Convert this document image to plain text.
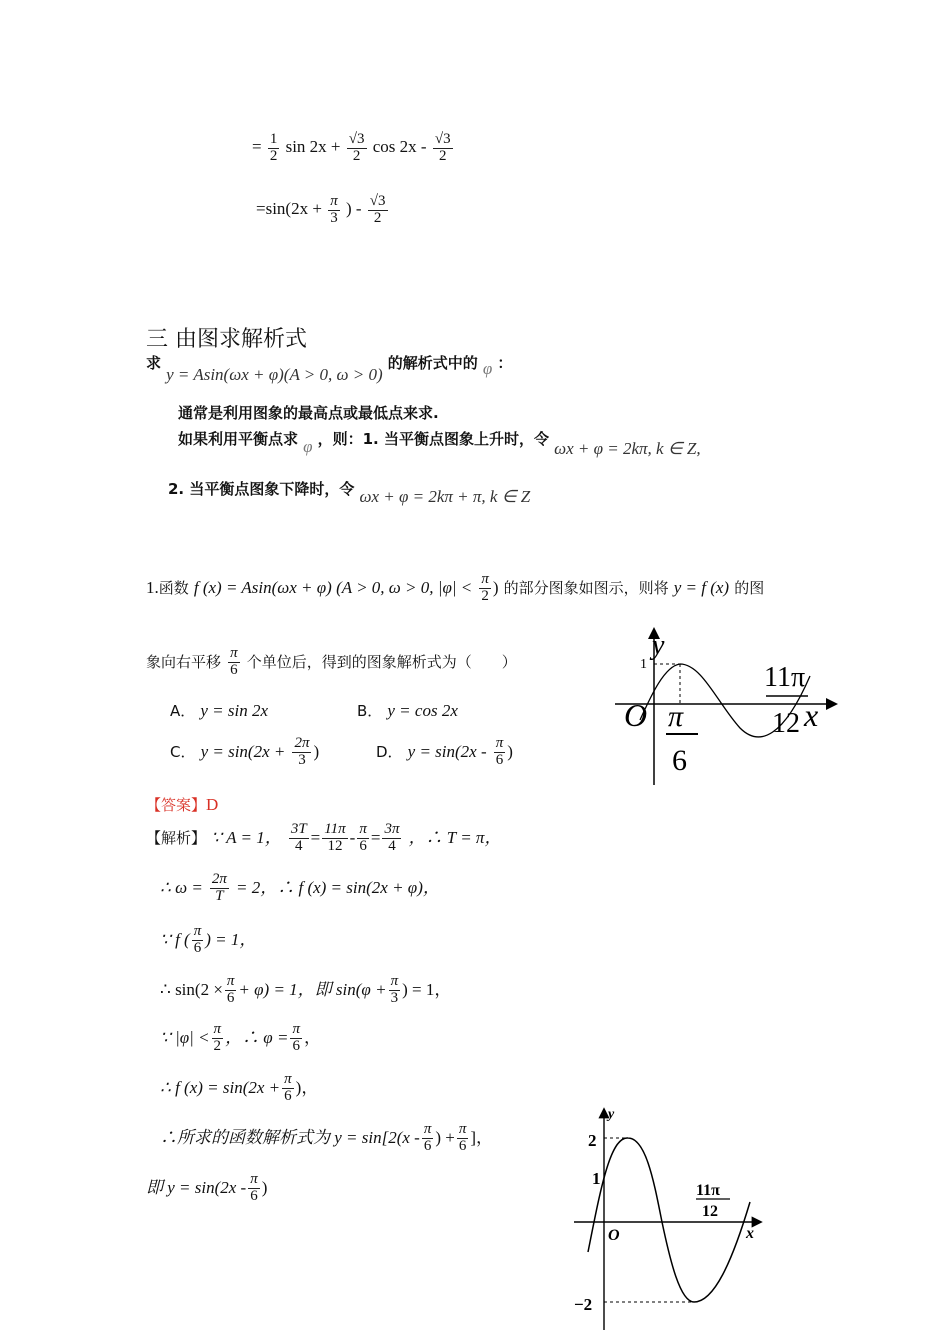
= $\frac{1}{2}$ $\sin 2x + \frac{√3}{2}$ $\cos 2x - \frac{√3}{2}$
$=\sin(2x + \frac{\pi}{3}$ ) - $\frac{√3}{2}$
三 由图求解析式
求 y = Asin(ωx + φ)(A > 0, ω > 0) 的解析式中的 φ ：
通常是利用图象的最高点或最低点来求.
如果利用平衡点求 φ ，则：1. 当平衡点图象上升时，令 ωx + φ = 2kπ, k ∈ Z,
2. 当平衡点图象下降时，令 ωx + φ = 2kπ + π, k ∈ Z
1.函数 f (x) = Asin(ωx + φ) (A > 0, ω > 0, $|\varphi| < \frac{\pi}{2}$ ) 的部分图象如图示，则将 y = f (x) 的图
象向右平移 $\frac{\pi}{6}$ 个单位后，得到的图象解析式为（　　）
A． y = sin 2x	B． y = cos 2x
C． $y = \sin(2x + \frac{2\pi}{3}$ )	D． $y = \sin(2x - \frac{\pi}{6}$ )
y
1
O	x
π
6
11π
12
【答案】D
【解析】 ∵ A = 1， $\frac{3T}{4} = \frac{11\pi}{12} - \frac{\pi}{6} = \frac{3\pi}{4}$ ，∴ T = π，
∴ $\omega = \frac{2\pi}{T} = 2$，∴ f (x) = sin(2x + φ)，
∵ f ( $\frac{\pi}{6}$ ) = 1，
∴ $\sin(2 \times \frac{\pi}{6} + \varphi) = 1$，即 $\sin(\varphi + \frac{\pi}{3}$ ) = 1，
∵ $|\varphi| < \frac{\pi}{2}$ ，∴ $\varphi = \frac{\pi}{6}$ ，
∴ f $(x) = \sin(2x + \frac{\pi}{6}$ )，
∴所求的函数解析式为 $y = \sin[2(x - \frac{\pi}{6}$ ) + $\frac{\pi}{6}$ ]，
即 $y = \sin(2x - \frac{\pi}{6}$ )
y
2
1
O	x
−2
11π
12
